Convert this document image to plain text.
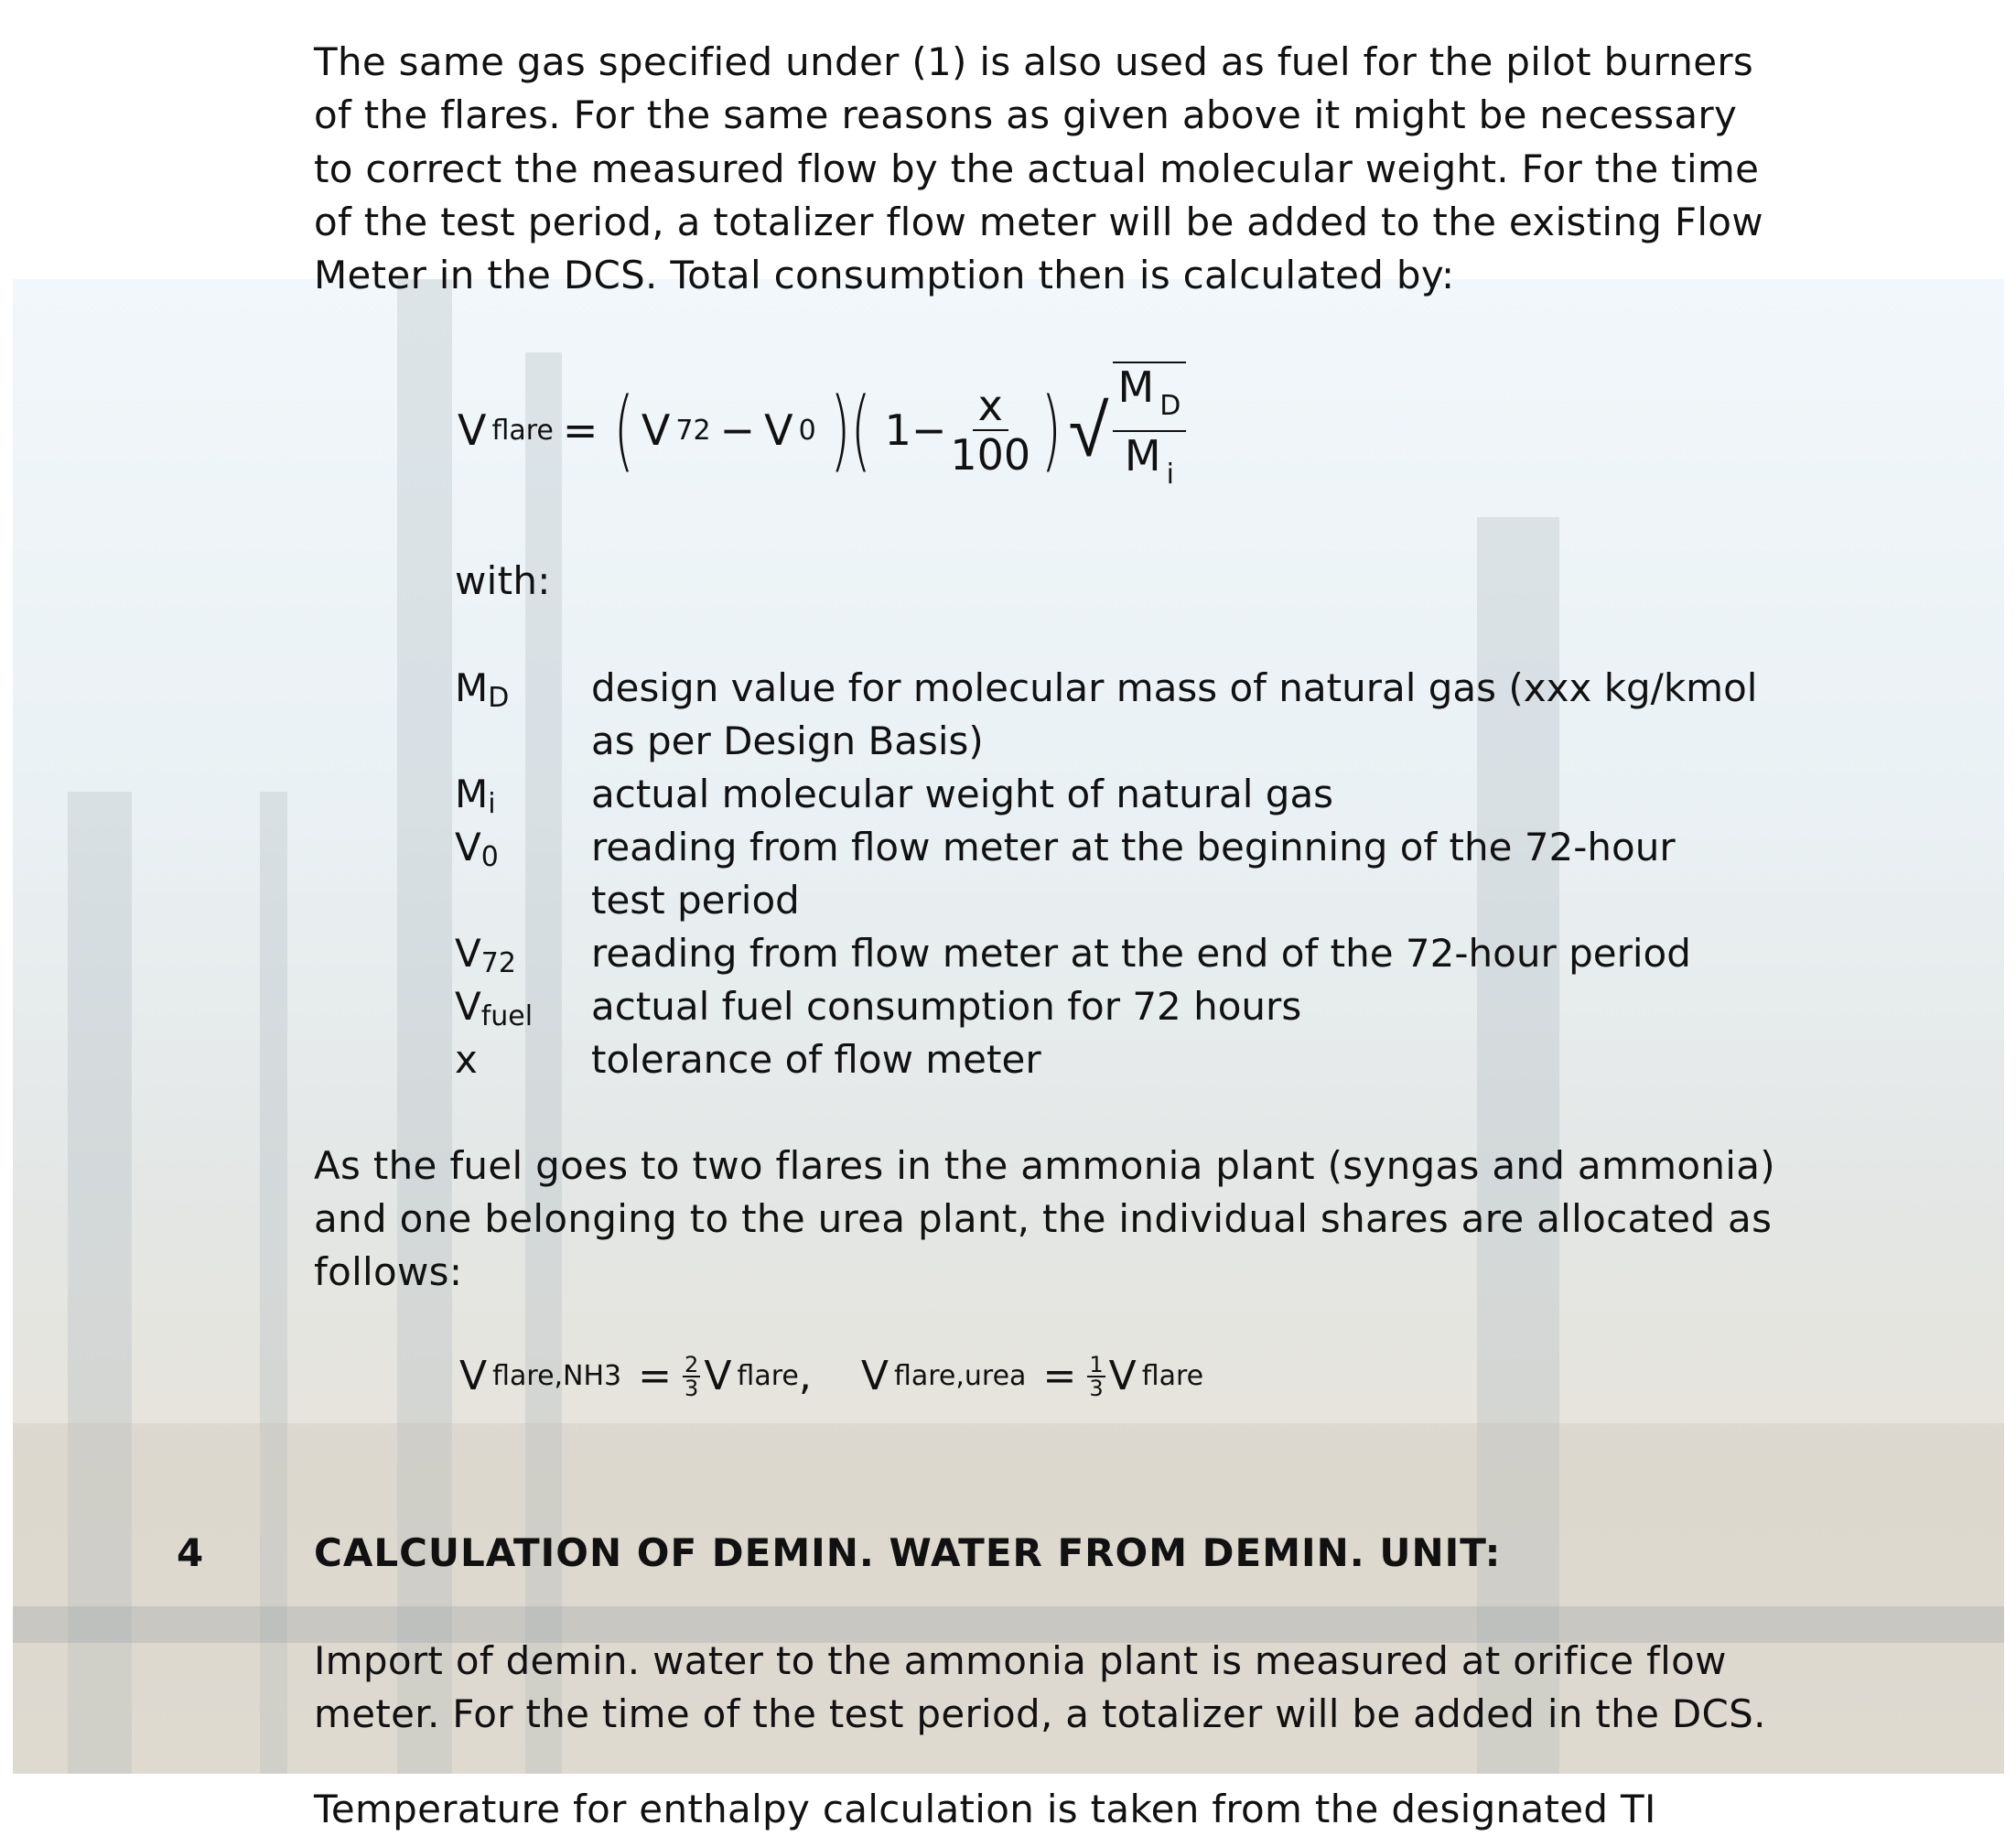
The same gas specified under (1) is also used as fuel for the pilot burners
of the flares. For the same reasons as given above it might be necessary
to correct the measured flow by the actual molecular weight. For the time
of the test period, a totalizer flow meter will be added to the existing Flow
Meter in the DCS. Total consumption then is calculated by:
V flare = ( V 72 − V 0 )( $1- \frac{x}{100}$ ) √ $\frac{M _D}{M _i}$
with:
$M_D$ design value for molecular mass of natural gas (xxx kg/kmol
as per Design Basis)
$M_i$ actual molecular weight of natural gas
$V_0$ reading from flow meter at the beginning of the 72-hour
test period
$V_{72}$ reading from flow meter at the end of the 72-hour period
$V_{fuel}$ actual fuel consumption for 72 hours
x	tolerance of flow meter
As the fuel goes to two flares in the ammonia plant (syngas and ammonia)
and one belonging to the urea plant, the individual shares are allocated as
follows:
V flare,NH3 = $\frac{2}{3}$ V flare , V flare,urea = $\frac{1}{3}$ V flare
4	CALCULATION OF DEMIN. WATER FROM DEMIN. UNIT:
Import of demin. water to the ammonia plant is measured at orifice flow
meter. For the time of the test period, a totalizer will be added in the DCS.
Temperature for enthalpy calculation is taken from the designated TI
